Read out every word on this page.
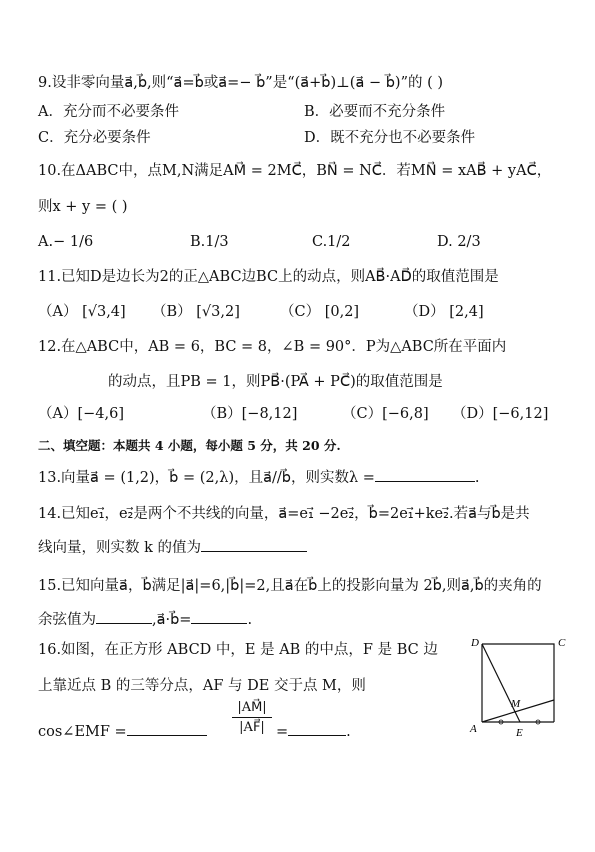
9.设非零向量a⃗,b⃗,则“a⃗=b⃗或a⃗=− b⃗”是“(a⃗+b⃗)⊥(a⃗ − b⃗)”的 ( )
A．充分而不必要条件	B．必要而不充分条件
C．充分必要条件	D．既不充分也不必要条件
10.在ΔABC中，点M,N满足AM⃗ = 2MC⃗，BN⃗ = NC⃗．若MN⃗ = xAB⃗ + yAC⃗，
则x + y = ( )
A.− 1/6	B.1/3	C.1/2	D. 2/3
11.已知D是边长为2的正△ABC边BC上的动点，则AB⃗·AD⃗的取值范围是
（A） [√3,4] （B） [√3,2]	（C） [0,2]	（D） [2,4]
12.在△ABC中，AB = 6，BC = 8，∠B = 90°．P为△ABC所在平面内
的动点，且PB = 1，则PB⃗·(PA⃗ + PC⃗)的取值范围是
（A）[−4,6]	（B）[−8,12]	（C）[−6,8] （D）[−6,12]
二、填空题：本题共 4 小题，每小题 5 分，共 20 分.
13.向量a⃗ = (1,2)，b⃗ = (2,λ)，且a⃗//b⃗，则实数λ =	.
14.已知e₁⃗，e₂⃗是两个不共线的向量，a⃗=e₁⃗ −2e₂⃗，b⃗=2e₁⃗+ke₂⃗.若a⃗与b⃗是共
线向量，则实数 k 的值为
15.已知向量a⃗，b⃗满足|a⃗|=6,|b⃗|=2,且a⃗在b⃗上的投影向量为 2b⃗,则a⃗,b⃗的夹角的
余弦值为	,a⃗·b⃗=	.
16.如图，在正方形 ABCD 中，E 是 AB 的中点，F 是 BC 边
上靠近点 B 的三等分点，AF 与 DE 交于点 M，则
cos∠EMF =	$\frac{|AM⃗|}{|AF⃗|}$ =	.
D	C
A	E
M
